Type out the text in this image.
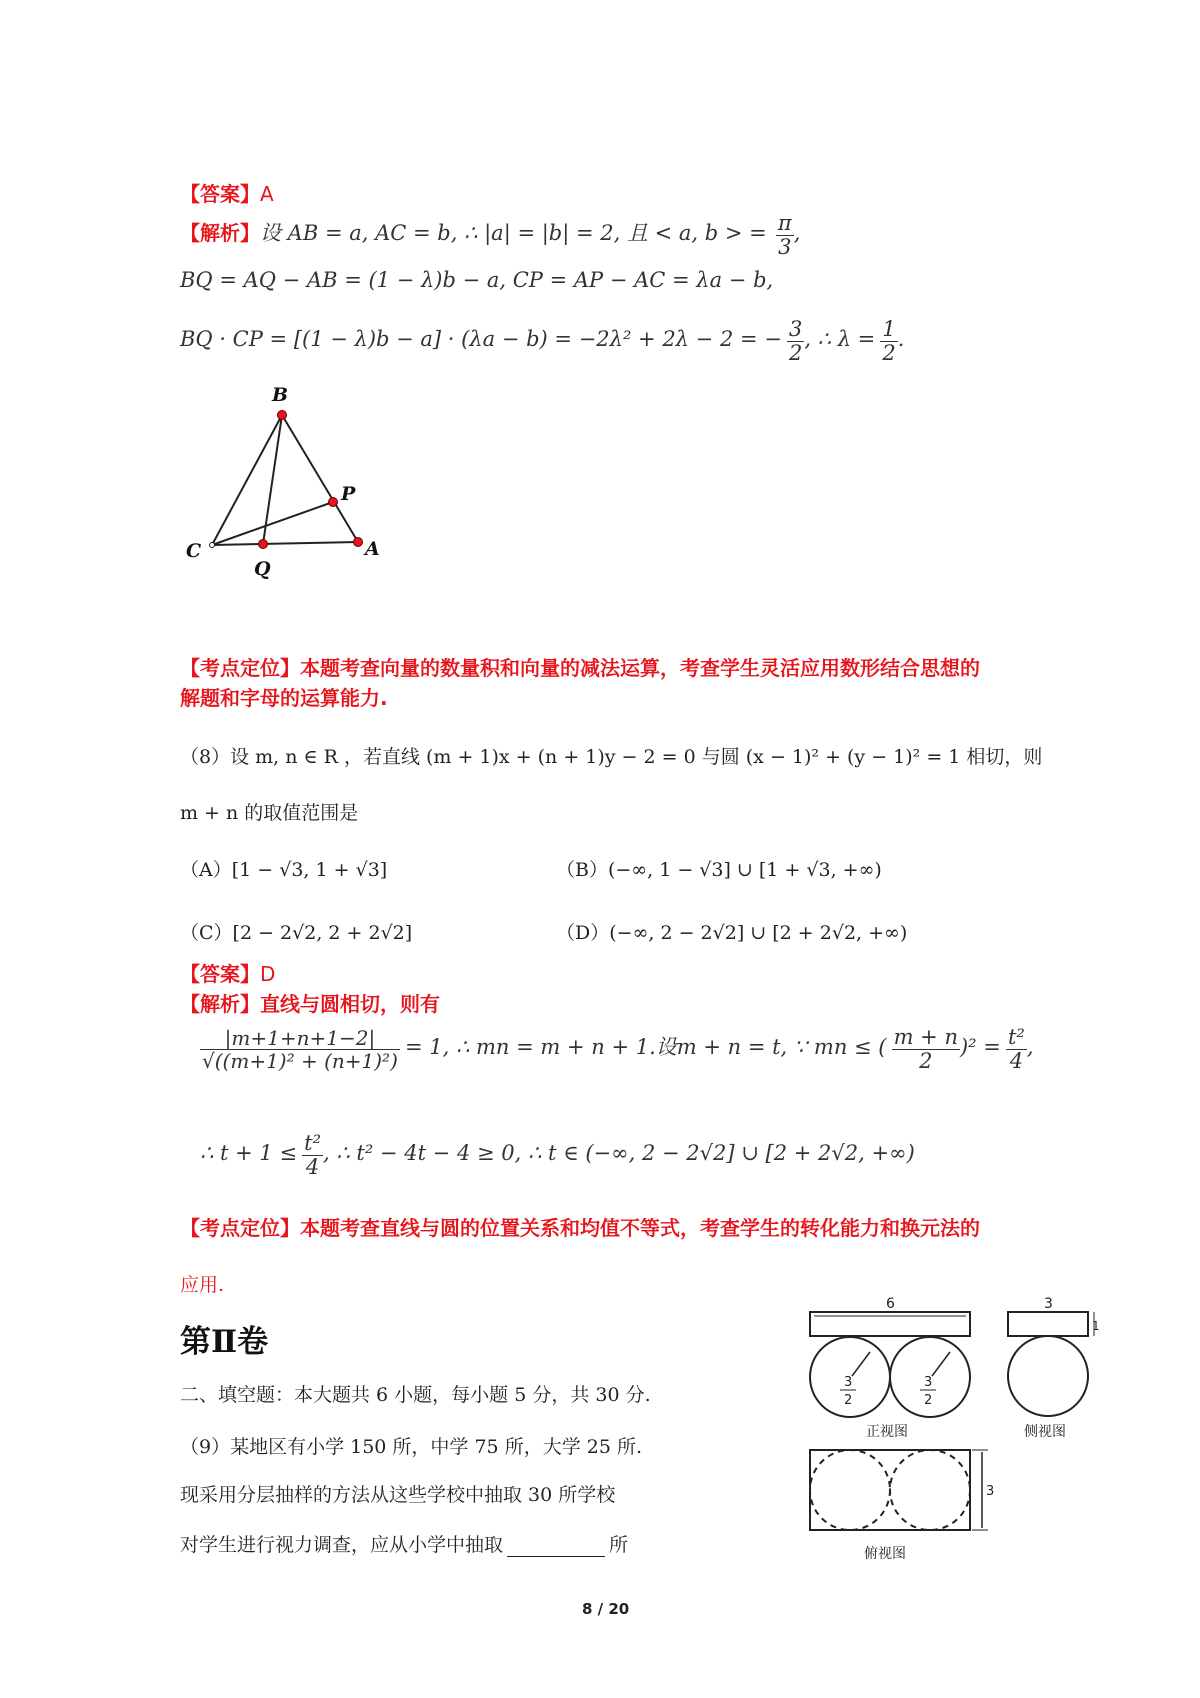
【答案】A
【解析】设 AB = a, AC = b, ∴ |a| = |b| = 2, 且 < a, b > = $\frac{\pi}{3}$ ,
BQ = AQ − AB = (1 − λ)b − a, CP = AP − AC = λa − b,
BQ · CP = [(1 − λ)b − a] · (λa − b) = −2λ² + 2λ − 2 = − $\frac{3}{2}$ , ∴ $\lambda = \frac{1}{2}$ .
B
P
C
Q
A
【考点定位】本题考查向量的数量积和向量的减法运算，考查学生灵活应用数形结合思想的
解题和字母的运算能力.
（8）设 m, n ∈ R ，若直线 (m + 1)x + (n + 1)y − 2 = 0 与圆 (x − 1)² + (y − 1)² = 1 相切，则
m + n 的取值范围是
（A）[1 − √3, 1 + √3]	（B）(−∞, 1 − √3] ∪ [1 + √3, +∞)
（C）[2 − 2√2, 2 + 2√2]	（D）(−∞, 2 − 2√2] ∪ [2 + 2√2, +∞)
【答案】D
【解析】直线与圆相切，则有
$\frac{|m+1+n+1-2|}{\text{√((m+1)² + (n+1)²)}} = 1$, ∴ mn = m + n + 1.设m + n = t, ∵ mn ≤ ( $\frac{m + n}{2} )^2 = \frac{\text{t²}}{4}$ ,
∴ $t + 1 \le \frac{\text{t²}}{4}$ , ∴ t² − 4t − 4 ≥ 0, ∴ t ∈ (−∞, 2 − 2√2] ∪ [2 + 2√2, +∞)
【考点定位】本题考查直线与圆的位置关系和均值不等式，考查学生的转化能力和换元法的
应用.
第Ⅱ卷
二、填空题：本大题共 6 小题，每小题 5 分，共 30 分.
（9）某地区有小学 150 所，中学 75 所，大学 25 所.
现采用分层抽样的方法从这些学校中抽取 30 所学校
对学生进行视力调查，应从小学中抽取	所
6	3
1
3
2
3
2
正视图	侧视图
俯视图
3
8 / 20
